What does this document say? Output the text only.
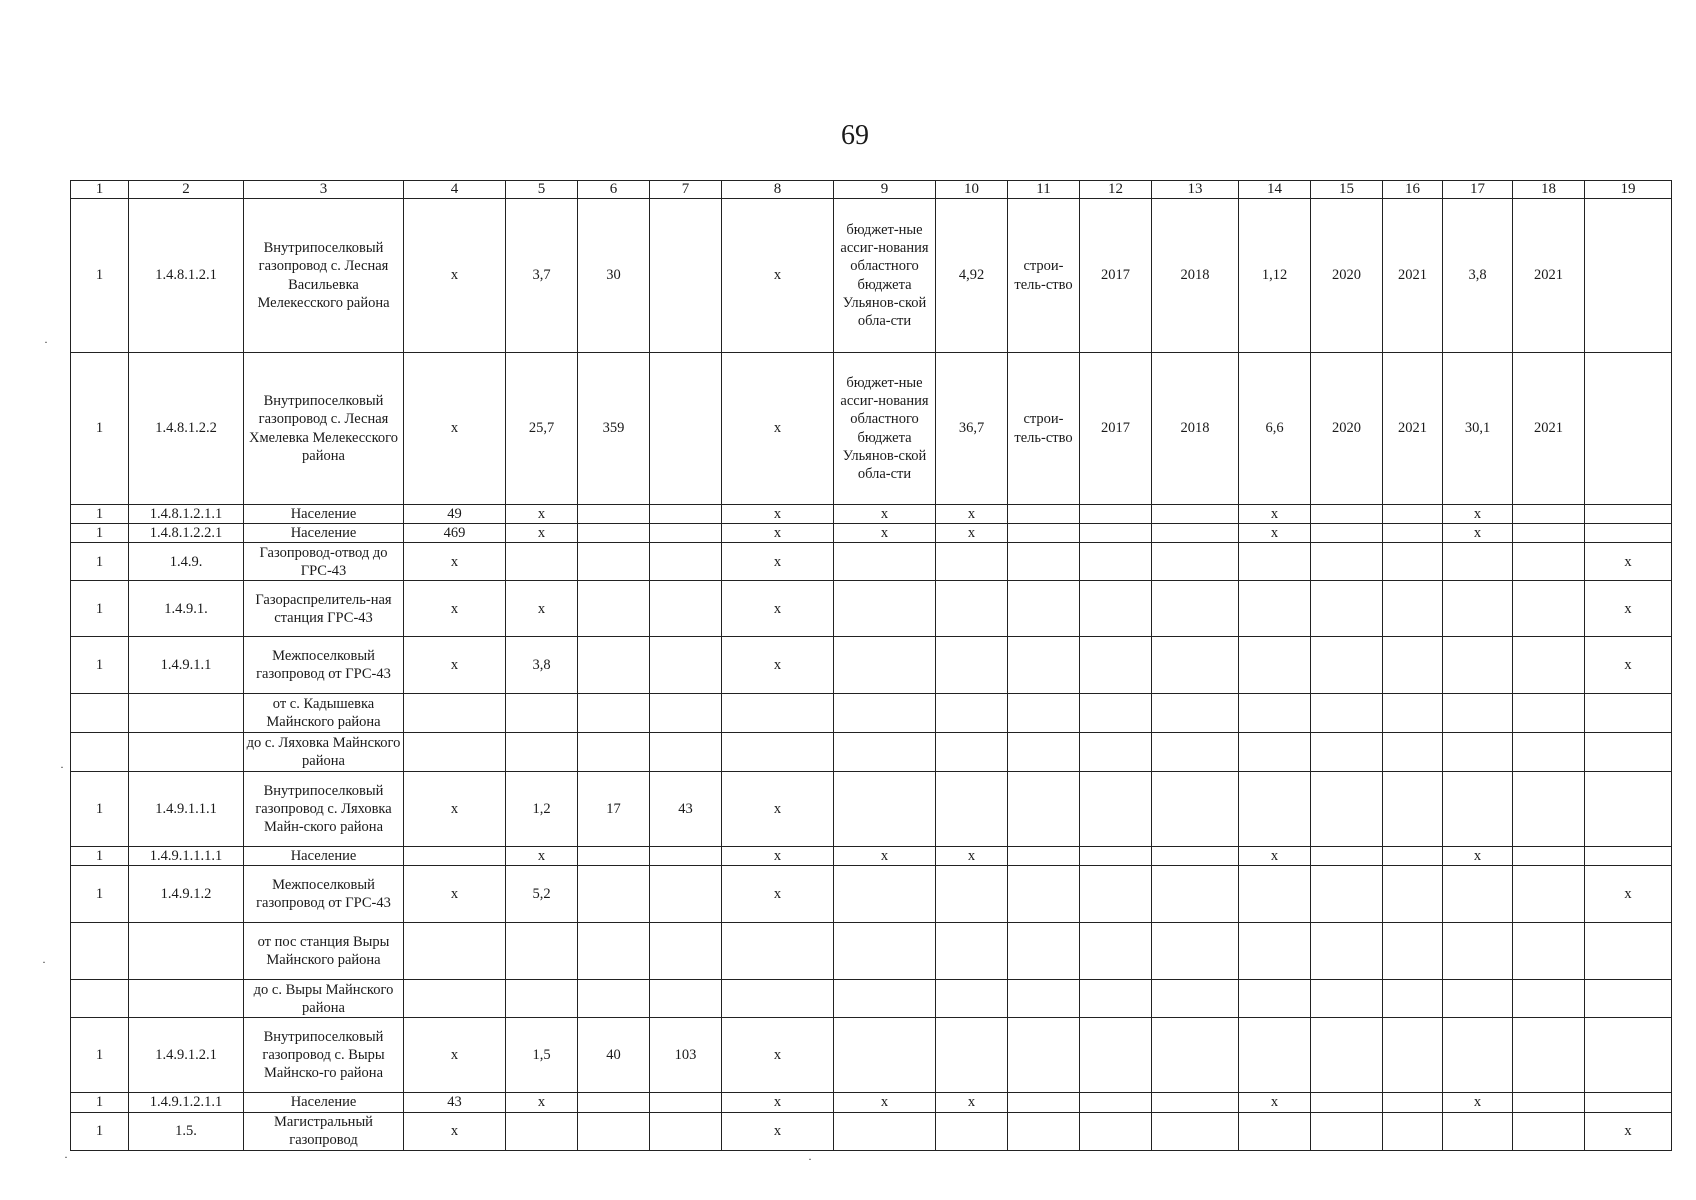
69
1	2	3	4	5	6	7	8	9	10	11	12	13	14	15	16	17	18	19
1	1.4.8.1.2.1	Внутрипоселковый газопровод с. Лесная Васильевка Мелекесского района	x	3,7	30		x	бюджет-ные ассиг-нования областного бюджета Ульянов-ской обла-сти	4,92	строи-тель-ство	2017	2018	1,12	2020	2021	3,8	2021	
1	1.4.8.1.2.2	Внутрипоселковый газопровод с. Лесная Хмелевка Мелекесского района	x	25,7	359		x	бюджет-ные ассиг-нования областного бюджета Ульянов-ской обла-сти	36,7	строи-тель-ство	2017	2018	6,6	2020	2021	30,1	2021	
1	1.4.8.1.2.1.1	Население	49	x			x	x	x				x			x		
1	1.4.8.1.2.2.1	Население	469	x			x	x	x				x			x		
1	1.4.9.	Газопровод-отвод до ГРС-43	x				x											x
1	1.4.9.1.	Газораспрелитель-ная станция ГРС-43	x	x			x											x
1	1.4.9.1.1	Межпоселковый газопровод от ГРС-43	x	3,8			x											x
		от с. Кадышевка Майнского района																
		до с. Ляховка Майнского района																
1	1.4.9.1.1.1	Внутрипоселковый газопровод с. Ляховка Майн-ского района	x	1,2	17	43	x											
1	1.4.9.1.1.1.1	Население		x			x	x	x				x			x		
1	1.4.9.1.2	Межпоселковый газопровод от ГРС-43	x	5,2			x											x
		от пос станция Выры Майнского района																
		до с. Выры Майнского района																
1	1.4.9.1.2.1	Внутрипоселковый газопровод с. Выры Майнско-го района	x	1,5	40	103	x											
1	1.4.9.1.2.1.1	Население	43	x			x	x	x				x			x		
1	1.5.	Магистральный газопровод	x				x											x
·
·
·
·	·
